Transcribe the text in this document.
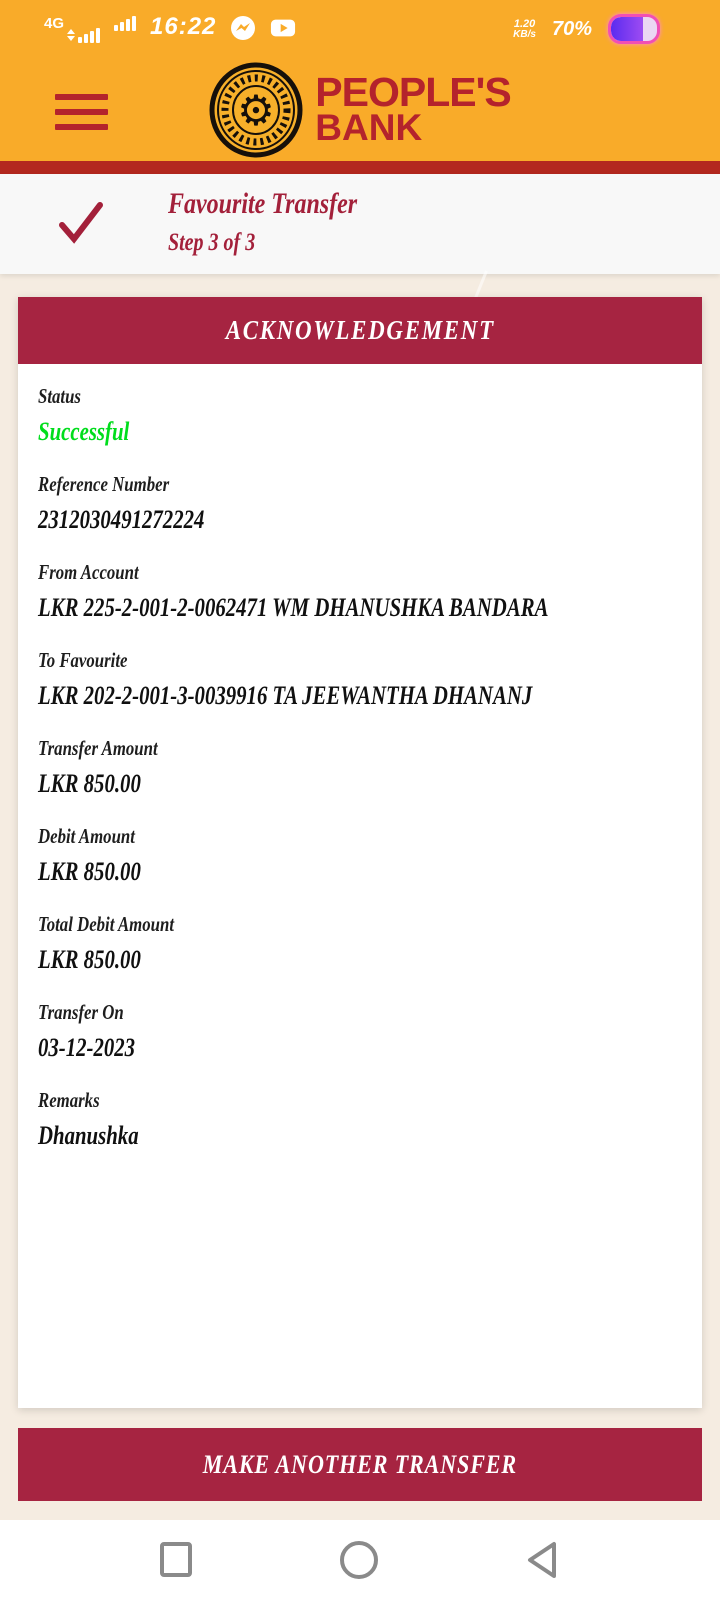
4G	16:22	1.20
KB/s 70%
⚙ PEOPLE'S
BANK
Favourite Transfer
Step 3 of 3
ACKNOWLEDGEMENT
Status
Successful
Reference Number
2312030491272224
From Account
LKR 225-2-001-2-0062471 WM DHANUSHKA BANDARA
To Favourite
LKR 202-2-001-3-0039916 TA JEEWANTHA DHANANJ
Transfer Amount
LKR 850.00
Debit Amount
LKR 850.00
Total Debit Amount
LKR 850.00
Transfer On
03-12-2023
Remarks
Dhanushka
MAKE ANOTHER TRANSFER
